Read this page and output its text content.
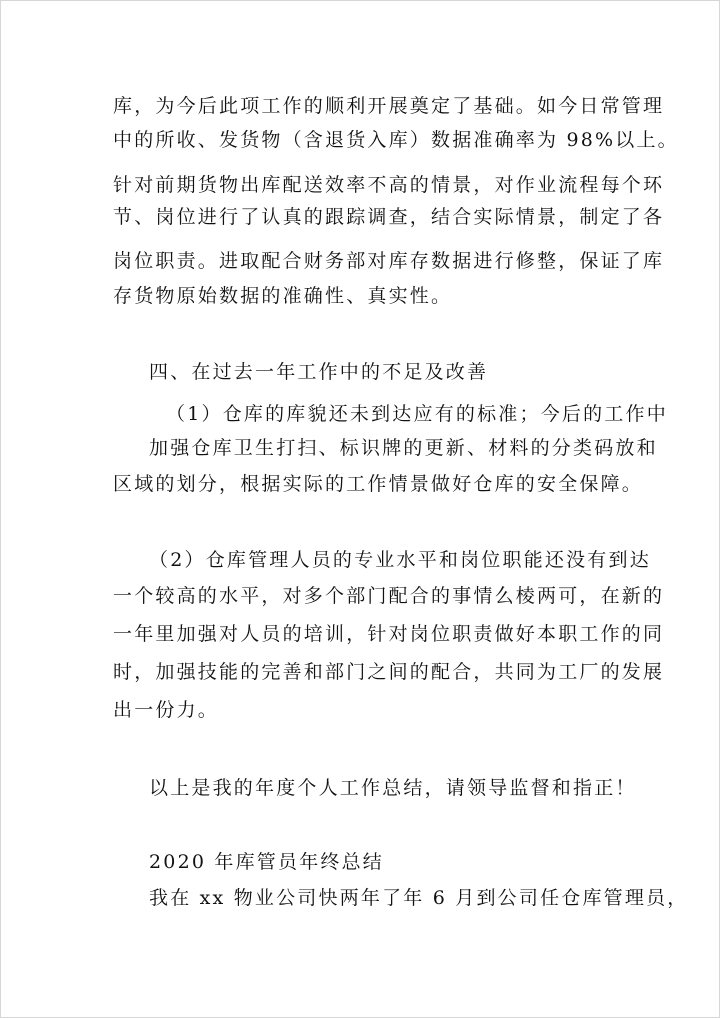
库，为今后此项工作的顺利开展奠定了基础。如今日常管理
中的所收、发货物（含退货入库）数据准确率为 98%以上。
针对前期货物出库配送效率不高的情景，对作业流程每个环
节、岗位进行了认真的跟踪调查，结合实际情景，制定了各
岗位职责。进取配合财务部对库存数据进行修整，保证了库
存货物原始数据的准确性、真实性。
四、在过去一年工作中的不足及改善
（1）仓库的库貌还未到达应有的标准；今后的工作中
加强仓库卫生打扫、标识牌的更新、材料的分类码放和
区域的划分，根据实际的工作情景做好仓库的安全保障。
（2）仓库管理人员的专业水平和岗位职能还没有到达
一个较高的水平，对多个部门配合的事情么棱两可，在新的
一年里加强对人员的培训，针对岗位职责做好本职工作的同
时，加强技能的完善和部门之间的配合，共同为工厂的发展
出一份力。
以上是我的年度个人工作总结，请领导监督和指正！
2020 年库管员年终总结
我在 xx 物业公司快两年了年 6 月到公司任仓库管理员，
